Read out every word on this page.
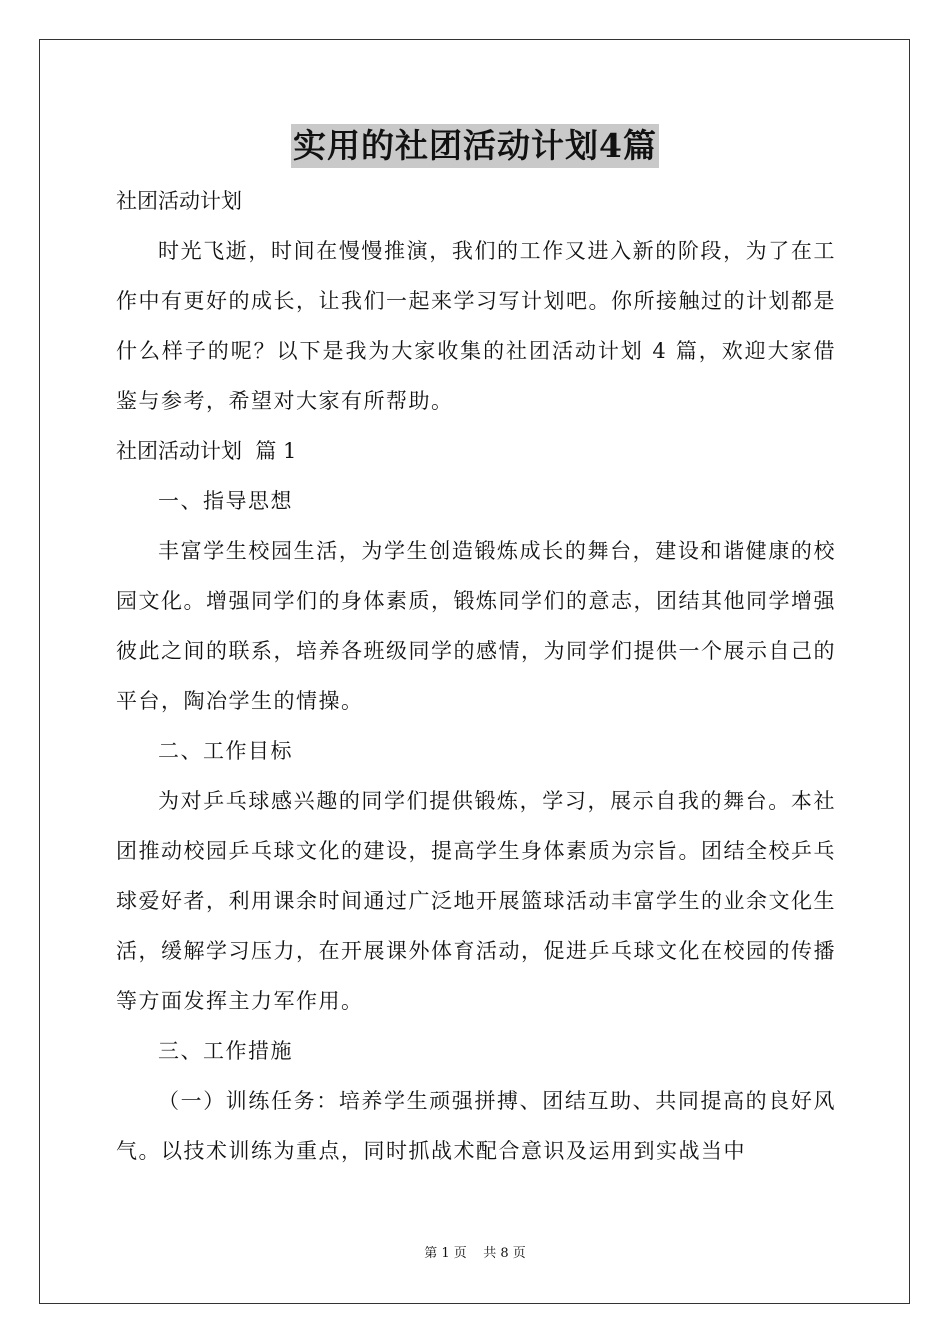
实用的社团活动计划4篇

社团活动计划

时光飞逝，时间在慢慢推演，我们的工作又进入新的阶段，为了在工作中有更好的成长，让我们一起来学习写计划吧。你所接触过的计划都是什么样子的呢？以下是我为大家收集的社团活动计划 4 篇，欢迎大家借鉴与参考，希望对大家有所帮助。

社团活动计划  篇 1

一、指导思想

丰富学生校园生活，为学生创造锻炼成长的舞台，建设和谐健康的校园文化。增强同学们的身体素质，锻炼同学们的意志，团结其他同学增强彼此之间的联系，培养各班级同学的感情，为同学们提供一个展示自己的平台，陶冶学生的情操。

二、工作目标

为对乒乓球感兴趣的同学们提供锻炼，学习，展示自我的舞台。本社团推动校园乒乓球文化的建设，提高学生身体素质为宗旨。团结全校乒乓球爱好者，利用课余时间通过广泛地开展篮球活动丰富学生的业余文化生活，缓解学习压力，在开展课外体育活动，促进乒乓球文化在校园的传播等方面发挥主力军作用。

三、工作措施

（一）训练任务：培养学生顽强拼搏、团结互助、共同提高的良好风气。以技术训练为重点，同时抓战术配合意识及运用到实战当中

第 1 页    共 8 页
